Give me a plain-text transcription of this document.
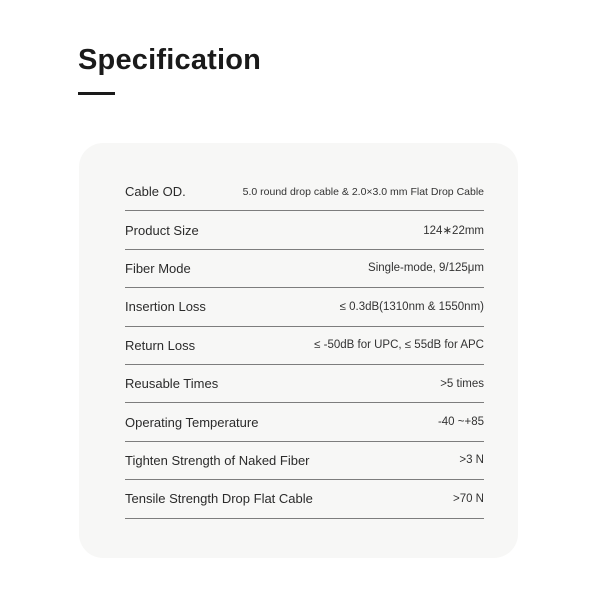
Specification
Cable OD.	5.0 round drop cable & 2.0×3.0 mm Flat Drop Cable
Product Size	124∗22mm
Fiber Mode	Single-mode, 9/125μm
Insertion Loss	≤ 0.3dB(1310nm & 1550nm)
Return Loss	≤ -50dB for UPC, ≤ 55dB for APC
Reusable Times	>5 times
Operating Temperature	-40 ~+85
Tighten Strength of Naked Fiber	>3 N
Tensile Strength Drop Flat Cable	>70 N
